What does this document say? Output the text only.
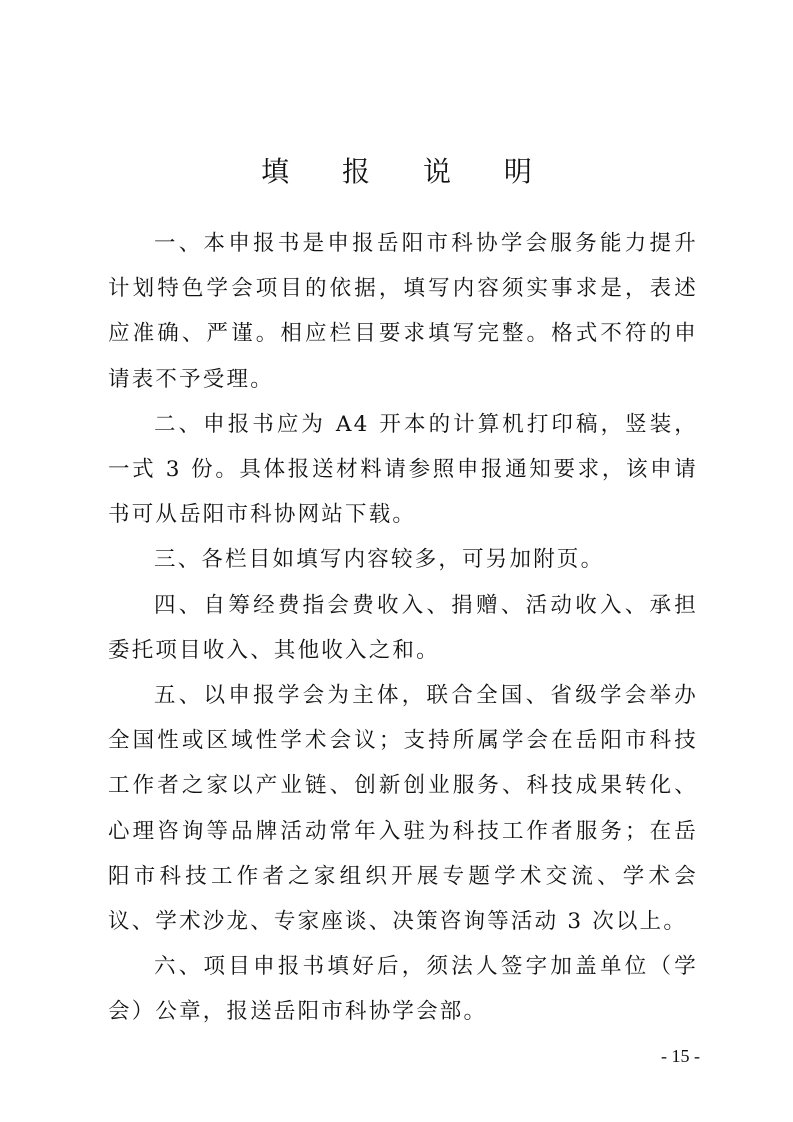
填 报 说 明

一、本申报书是申报岳阳市科协学会服务能力提升计划特色学会项目的依据，填写内容须实事求是，表述应准确、严谨。相应栏目要求填写完整。格式不符的申请表不予受理。

二、申报书应为 A4 开本的计算机打印稿，竖装，一式 3 份。具体报送材料请参照申报通知要求，该申请书可从岳阳市科协网站下载。

三、各栏目如填写内容较多，可另加附页。

四、自筹经费指会费收入、捐赠、活动收入、承担委托项目收入、其他收入之和。

五、以申报学会为主体，联合全国、省级学会举办全国性或区域性学术会议；支持所属学会在岳阳市科技工作者之家以产业链、创新创业服务、科技成果转化、心理咨询等品牌活动常年入驻为科技工作者服务；在岳阳市科技工作者之家组织开展专题学术交流、学术会议、学术沙龙、专家座谈、决策咨询等活动 3 次以上。

六、项目申报书填好后，须法人签字加盖单位（学会）公章，报送岳阳市科协学会部。

- 15 -
